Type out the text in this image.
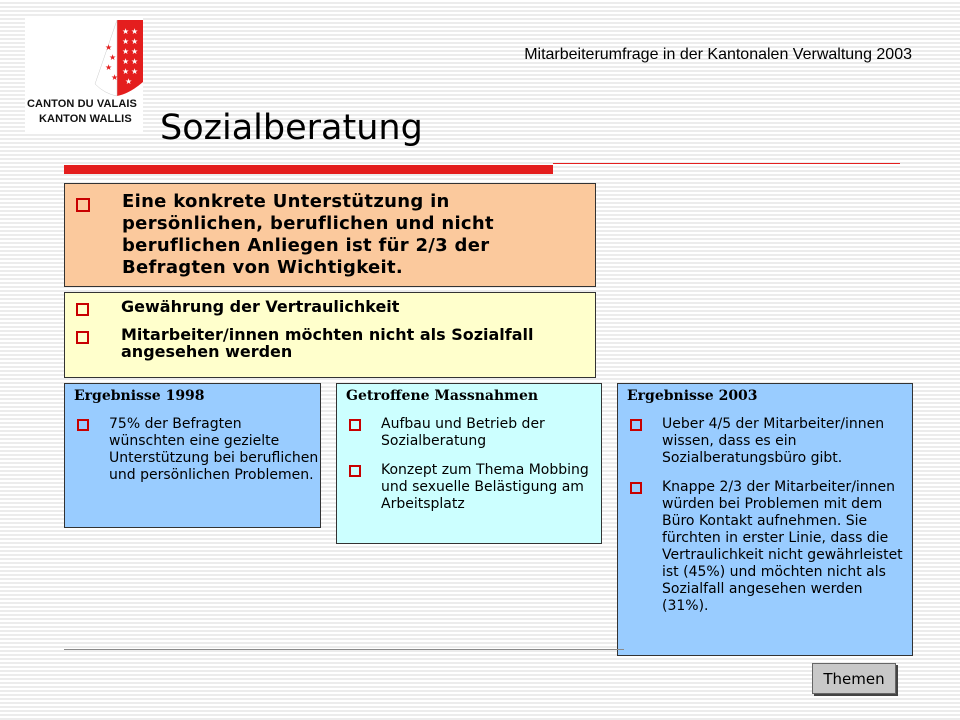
★ ★
★ ★
★ ★
★ ★
★ ★
★
★
★
★
★
CANTON DU VALAIS
KANTON WALLIS
Mitarbeiterumfrage in der Kantonalen Verwaltung 2003
Sozialberatung
Eine konkrete Unterstützung in persönlichen, beruflichen und nicht beruflichen Anliegen ist für 2/3 der Befragten von Wichtigkeit.
Gewährung der Vertraulichkeit
Mitarbeiter/innen möchten nicht als Sozialfall angesehen werden
Ergebnisse 1998
75% der Befragten wünschten eine gezielte Unterstützung bei beruflichen und persönlichen Problemen.
Getroffene Massnahmen
Aufbau und Betrieb der Sozialberatung
Konzept zum Thema Mobbing und sexuelle Belästigung am Arbeitsplatz
Ergebnisse 2003
Ueber 4/5 der Mitarbeiter/innen wissen, dass es ein Sozialberatungsbüro gibt.
Knappe 2/3 der Mitarbeiter/innen würden bei Problemen mit dem Büro Kontakt aufnehmen. Sie fürchten in erster Linie, dass die Vertraulichkeit nicht gewährleistet ist (45%) und möchten nicht als Sozialfall angesehen werden (31%).
Themen
